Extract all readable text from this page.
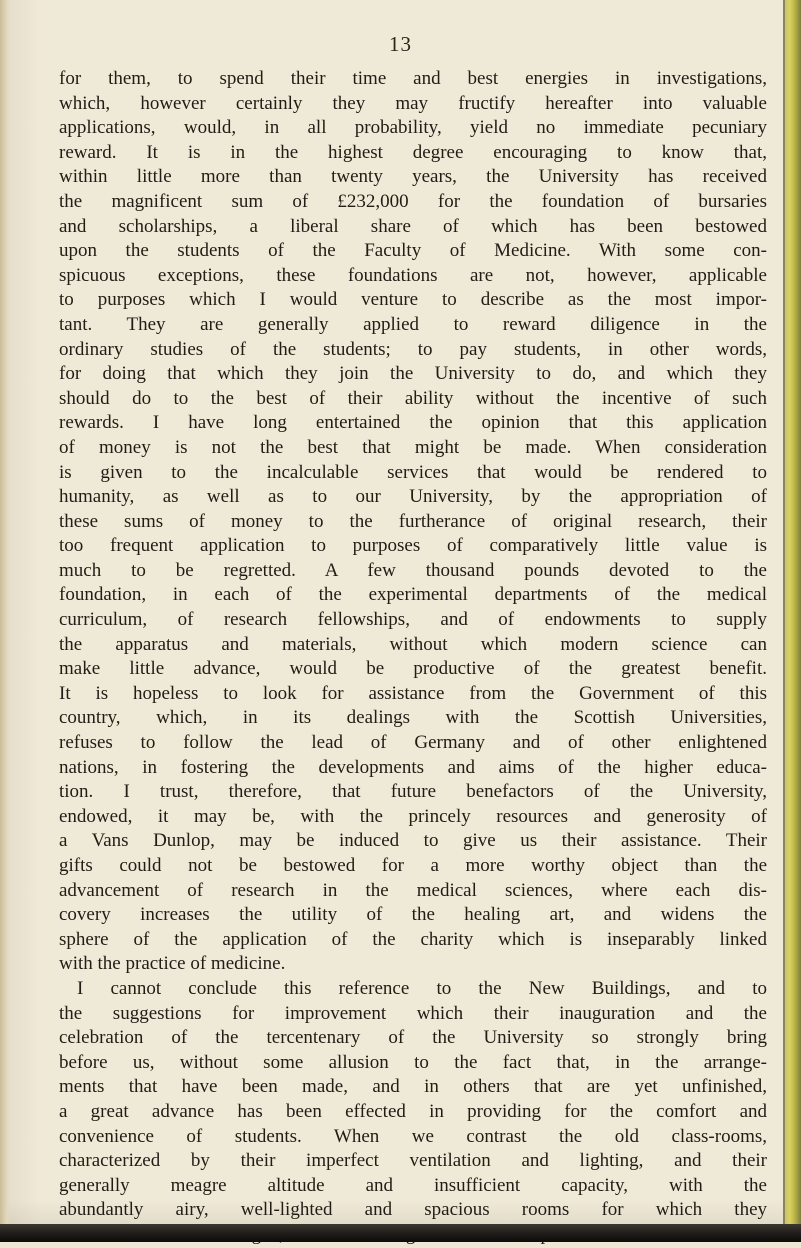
13
for them, to spend their time and best energies in investigations,
which, however certainly they may fructify hereafter into valuable
applications, would, in all probability, yield no immediate pecuniary
reward. It is in the highest degree encouraging to know that,
within little more than twenty years, the University has received
the magnificent sum of £232,000 for the foundation of bursaries
and scholarships, a liberal share of which has been bestowed
upon the students of the Faculty of Medicine. With some con-
spicuous exceptions, these foundations are not, however, applicable
to purposes which I would venture to describe as the most impor-
tant. They are generally applied to reward diligence in the
ordinary studies of the students; to pay students, in other words,
for doing that which they join the University to do, and which they
should do to the best of their ability without the incentive of such
rewards. I have long entertained the opinion that this application
of money is not the best that might be made. When consideration
is given to the incalculable services that would be rendered to
humanity, as well as to our University, by the appropriation of
these sums of money to the furtherance of original research, their
too frequent application to purposes of comparatively little value is
much to be regretted. A few thousand pounds devoted to the
foundation, in each of the experimental departments of the medical
curriculum, of research fellowships, and of endowments to supply
the apparatus and materials, without which modern science can
make little advance, would be productive of the greatest benefit.
It is hopeless to look for assistance from the Government of this
country, which, in its dealings with the Scottish Universities,
refuses to follow the lead of Germany and of other enlightened
nations, in fostering the developments and aims of the higher educa-
tion. I trust, therefore, that future benefactors of the University,
endowed, it may be, with the princely resources and generosity of
a Vans Dunlop, may be induced to give us their assistance. Their
gifts could not be bestowed for a more worthy object than the
advancement of research in the medical sciences, where each dis-
covery increases the utility of the healing art, and widens the
sphere of the application of the charity which is inseparably linked
with the practice of medicine.
I cannot conclude this reference to the New Buildings, and to
the suggestions for improvement which their inauguration and the
celebration of the tercentenary of the University so strongly bring
before us, without some allusion to the fact that, in the arrange-
ments that have been made, and in others that are yet unfinished,
a great advance has been effected in providing for the comfort and
convenience of students. When we contrast the old class-rooms,
characterized by their imperfect ventilation and lighting, and their
generally meagre altitude and insufficient capacity, with the
abundantly airy, well-lighted and spacious rooms for which they
